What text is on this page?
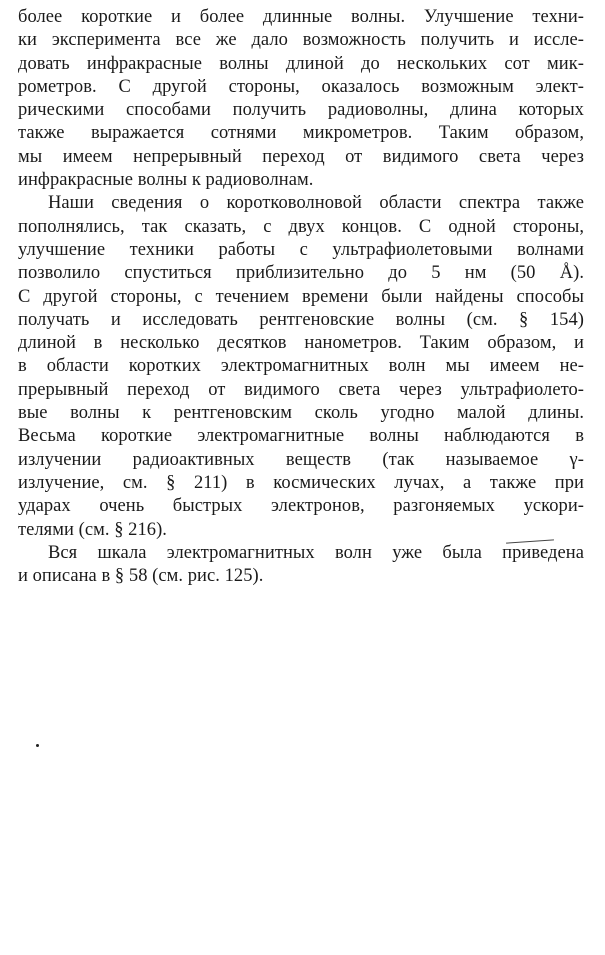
более короткие и более длинные волны. Улучшение техни-
ки эксперимента все же дало возможность получить и иссле-
довать инфракрасные волны длиной до нескольких сот мик-
рометров. С другой стороны, оказалось возможным элект-
рическими способами получить радиоволны, длина которых
также выражается сотнями микрометров. Таким образом,
мы имеем непрерывный переход от видимого света через
инфракрасные волны к радиоволнам.
Наши сведения о коротковолновой области спектра также
пополнялись, так сказать, с двух концов. С одной стороны,
улучшение техники работы с ультрафиолетовыми волнами
позволило спуститься приблизительно до 5 нм (50 Å).
С другой стороны, с течением времени были найдены способы
получать и исследовать рентгеновские волны (см. § 154)
длиной в несколько десятков нанометров. Таким образом, и
в области коротких электромагнитных волн мы имеем не-
прерывный переход от видимого света через ультрафиолето-
вые волны к рентгеновским сколь угодно малой длины.
Весьма короткие электромагнитные волны наблюдаются в
излучении радиоактивных веществ (так называемое γ-
излучение, см. § 211) в космических лучах, а также при
ударах очень быстрых электронов, разгоняемых ускори-
телями (см. § 216).
Вся шкала электромагнитных волн уже была приведена
и описана в § 58 (см. рис. 125).
